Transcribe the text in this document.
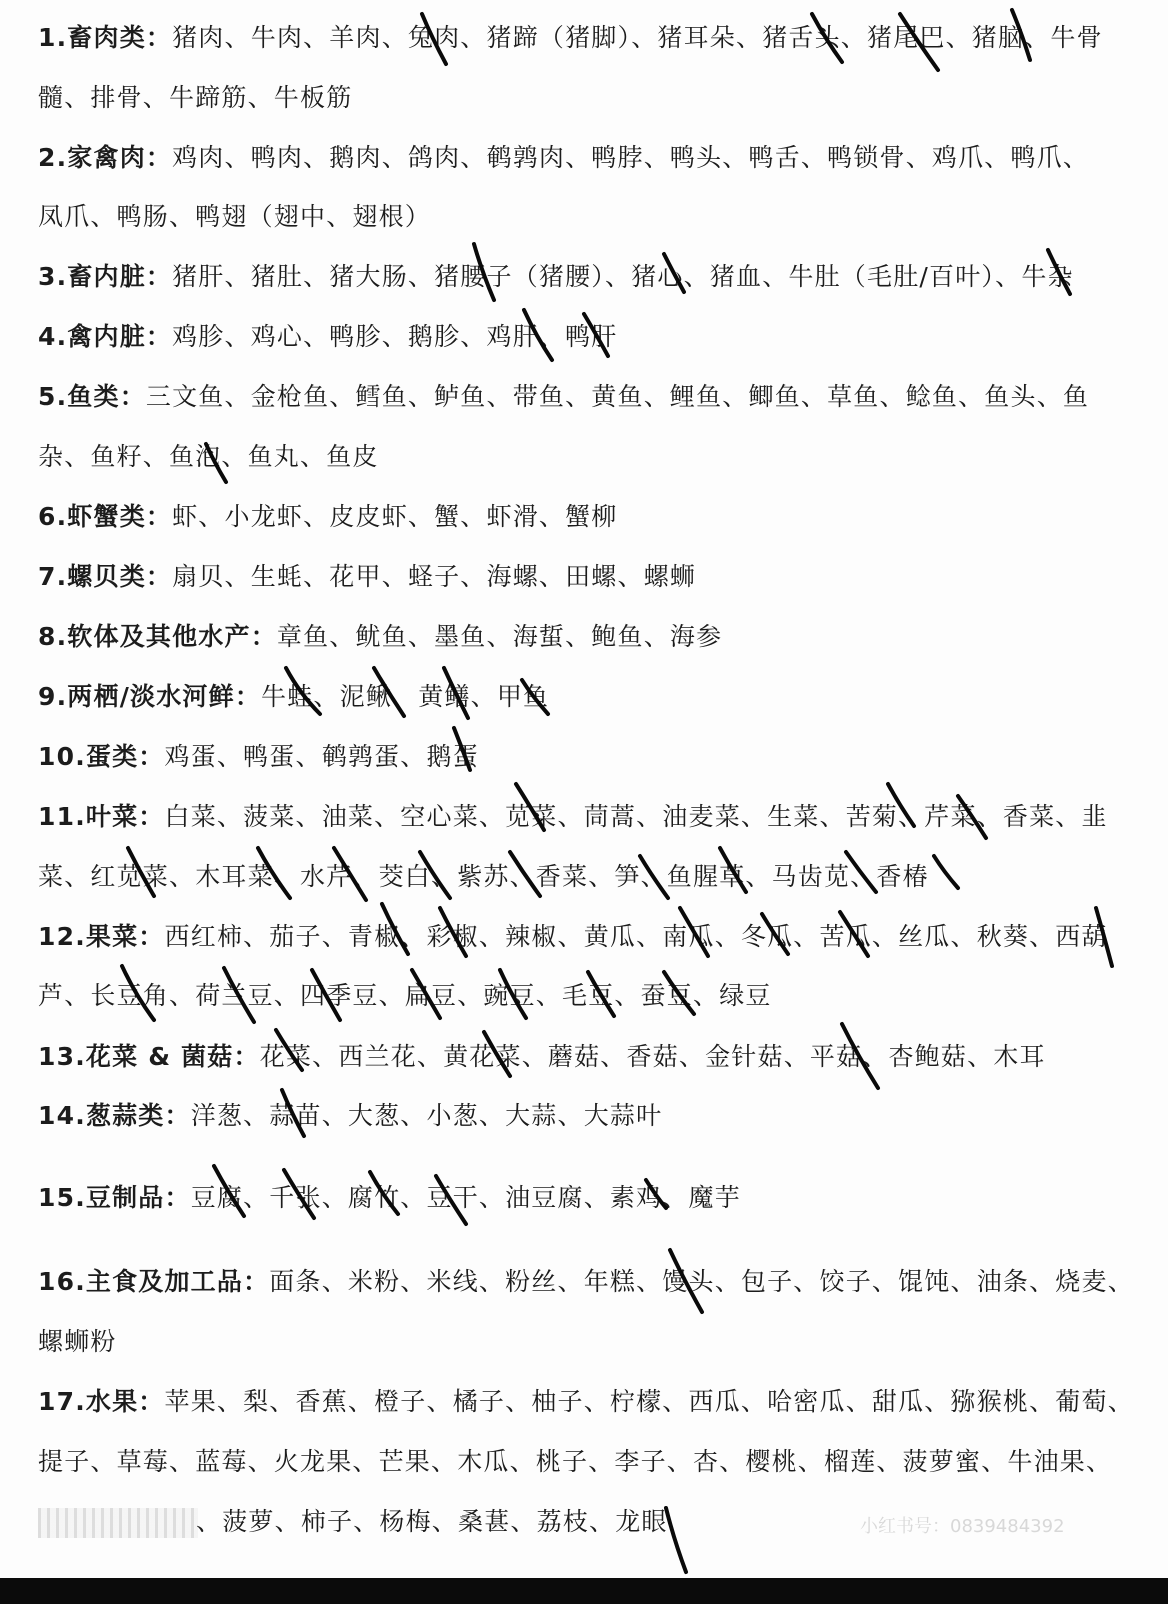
1.畜肉类：猪肉、牛肉、羊肉、兔肉、猪蹄（猪脚）、猪耳朵、猪舌头、猪尾巴、猪脑、牛骨
髓、排骨、牛蹄筋、牛板筋
2.家禽肉：鸡肉、鸭肉、鹅肉、鸽肉、鹌鹑肉、鸭脖、鸭头、鸭舌、鸭锁骨、鸡爪、鸭爪、
凤爪、鸭肠、鸭翅（翅中、翅根）
3.畜内脏：猪肝、猪肚、猪大肠、猪腰子（猪腰）、猪心、猪血、牛肚（毛肚/百叶）、牛杂
4.禽内脏：鸡胗、鸡心、鸭胗、鹅胗、鸡肝、鸭肝
5.鱼类：三文鱼、金枪鱼、鳕鱼、鲈鱼、带鱼、黄鱼、鲤鱼、鲫鱼、草鱼、鲶鱼、鱼头、鱼
杂、鱼籽、鱼泡、鱼丸、鱼皮
6.虾蟹类：虾、小龙虾、皮皮虾、蟹、虾滑、蟹柳
7.螺贝类：扇贝、生蚝、花甲、蛏子、海螺、田螺、螺蛳
8.软体及其他水产：章鱼、鱿鱼、墨鱼、海蜇、鲍鱼、海参
9.两栖/淡水河鲜：牛蛙、泥鳅、黄鳝、甲鱼
10.蛋类：鸡蛋、鸭蛋、鹌鹑蛋、鹅蛋
11.叶菜：白菜、菠菜、油菜、空心菜、苋菜、茼蒿、油麦菜、生菜、苦菊、芹菜、香菜、韭
菜、红苋菜、木耳菜、水芹、茭白、紫苏、香菜、笋、鱼腥草、马齿苋、香椿
12.果菜：西红柿、茄子、青椒、彩椒、辣椒、黄瓜、南瓜、冬瓜、苦瓜、丝瓜、秋葵、西葫
芦、长豆角、荷兰豆、四季豆、扁豆、豌豆、毛豆、蚕豆、绿豆
13.花菜 & 菌菇：花菜、西兰花、黄花菜、蘑菇、香菇、金针菇、平菇、杏鲍菇、木耳
14.葱蒜类：洋葱、蒜苗、大葱、小葱、大蒜、大蒜叶
15.豆制品：豆腐、千张、腐竹、豆干、油豆腐、素鸡、魔芋
16.主食及加工品：面条、米粉、米线、粉丝、年糕、馒头、包子、饺子、馄饨、油条、烧麦、
螺蛳粉
17.水果：苹果、梨、香蕉、橙子、橘子、柚子、柠檬、西瓜、哈密瓜、甜瓜、猕猴桃、葡萄、
提子、草莓、蓝莓、火龙果、芒果、木瓜、桃子、李子、杏、樱桃、榴莲、菠萝蜜、牛油果、
、菠萝、柿子、杨梅、桑葚、荔枝、龙眼	小红书号：0839484392
